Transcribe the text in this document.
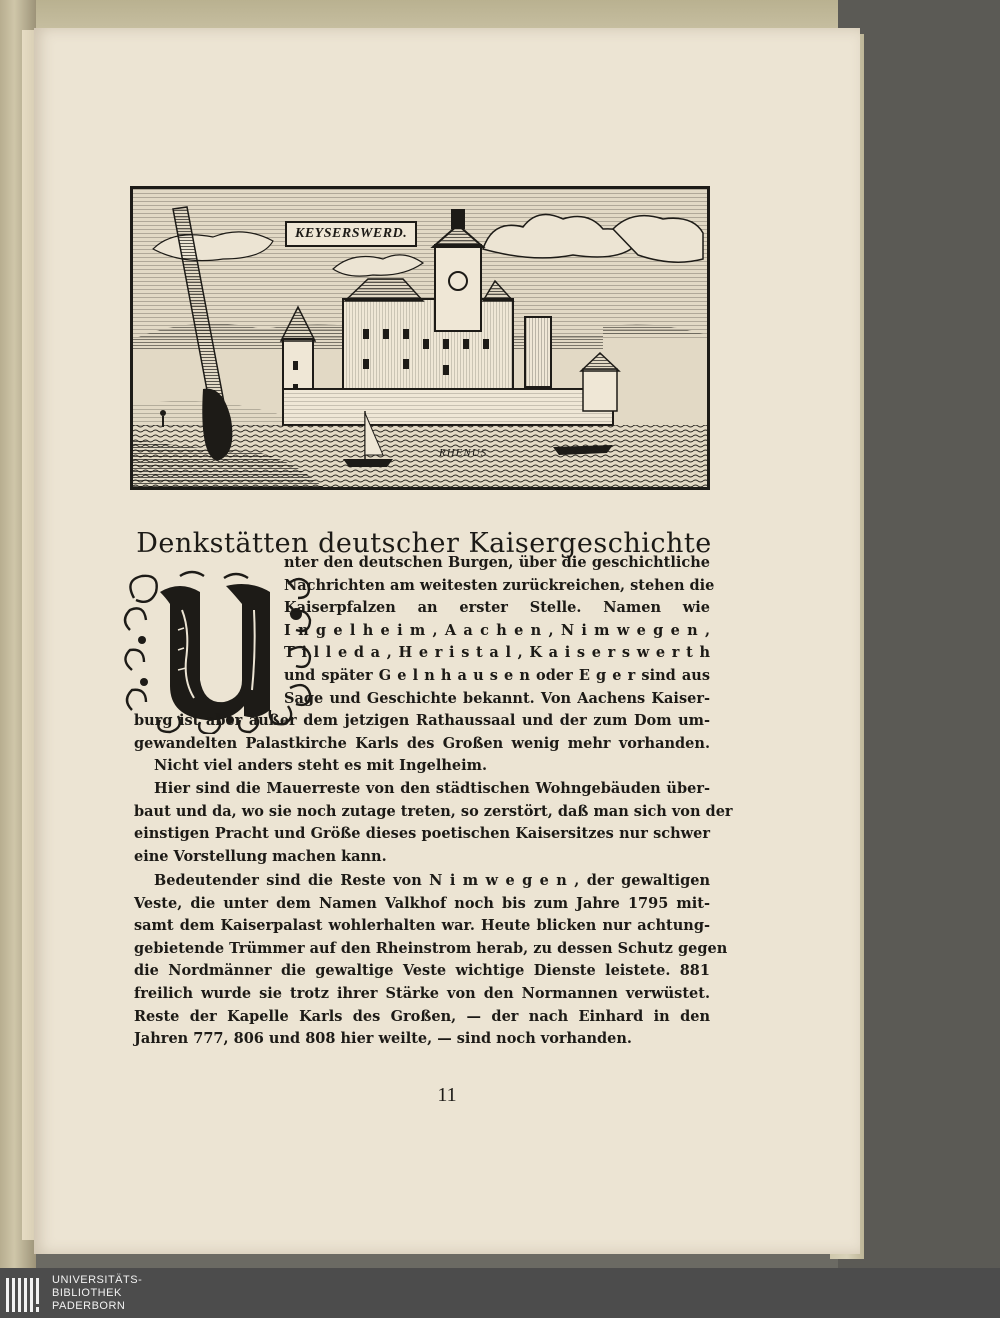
KEYSERSWERD.
RHENUS
Denkstätten deutscher Kaisergeschichte
nter den deutschen Burgen, über die geschichtliche
Nachrichten am weitesten zurückreichen, stehen die
Kaiserpfalzen an erster Stelle. Namen wie
I n g e l h e i m , A a c h e n , N i m w e g e n ,
T i l l e d a , H e r i s t a l , K a i s e r s w e r t h
und später G e l n h a u s e n oder E g e r sind aus
Sage und Geschichte bekannt. Von Aachens Kaiser-
burg ist aber außer dem jetzigen Rathaussaal und der zum Dom um-
gewandelten Palastkirche Karls des Großen wenig mehr vorhanden.
Nicht viel anders steht es mit Ingelheim.
Hier sind die Mauerreste von den städtischen Wohngebäuden über-
baut und da, wo sie noch zutage treten, so zerstört, daß man sich von der
einstigen Pracht und Größe dieses poetischen Kaisersitzes nur schwer
eine Vorstellung machen kann.
Bedeutender sind die Reste von N i m w e g e n , der gewaltigen
Veste, die unter dem Namen Valkhof noch bis zum Jahre 1795 mit-
samt dem Kaiserpalast wohlerhalten war. Heute blicken nur achtung-
gebietende Trümmer auf den Rheinstrom herab, zu dessen Schutz gegen
die Nordmänner die gewaltige Veste wichtige Dienste leistete. 881
freilich wurde sie trotz ihrer Stärke von den Normannen verwüstet.
Reste der Kapelle Karls des Großen, — der nach Einhard in den
Jahren 777, 806 und 808 hier weilte, — sind noch vorhanden.
11
UNIVERSITÄTS-
BIBLIOTHEK
PADERBORN
